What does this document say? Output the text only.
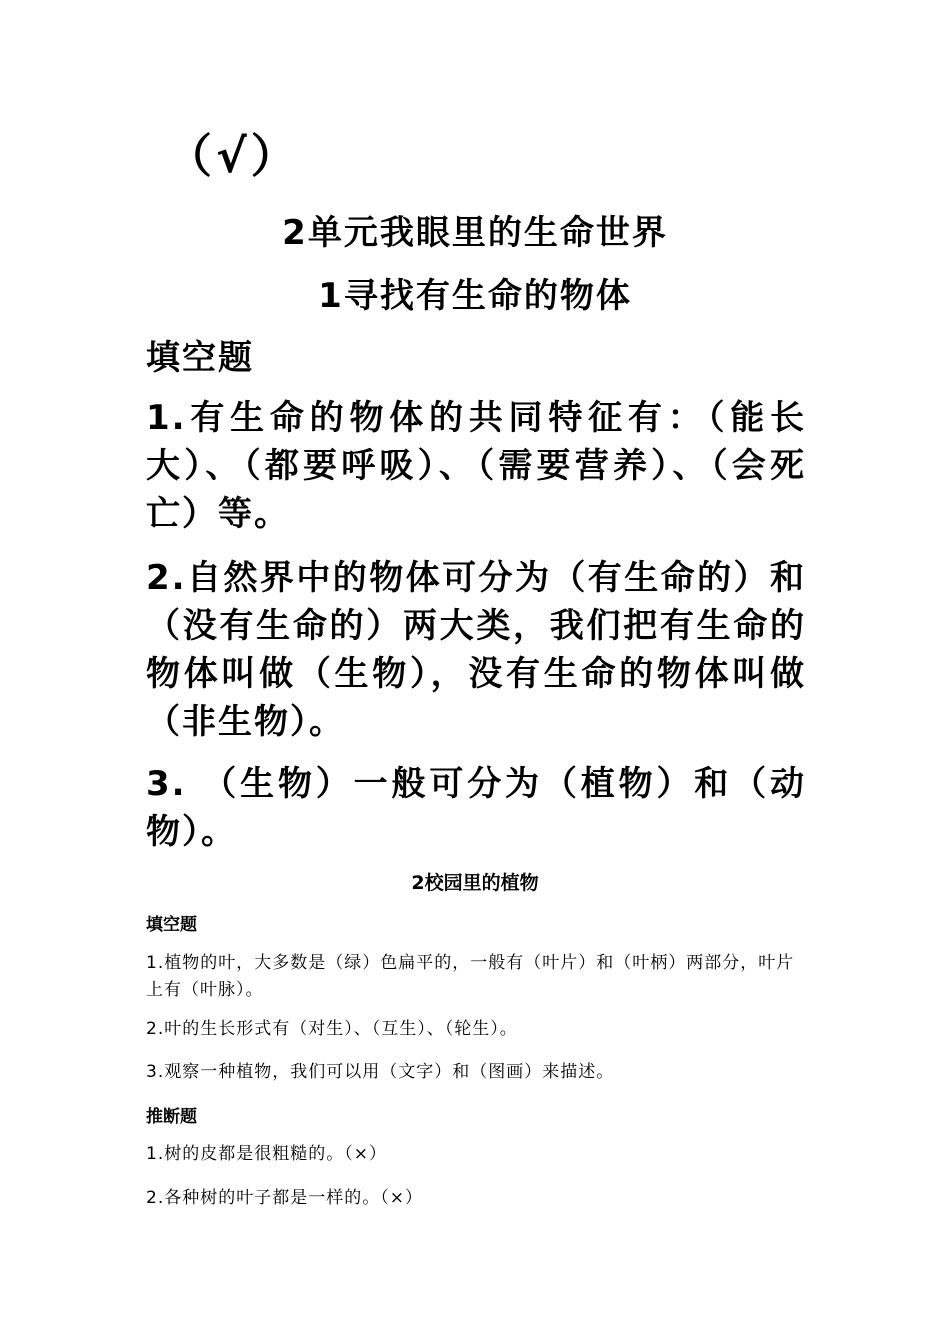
（√）
2单元我眼里的生命世界
1寻找有生命的物体
填空题
1.有生命的物体的共同特征有：（能长大）、（都要呼吸）、（需要营养）、（会死亡）等。
2.自然界中的物体可分为（有生命的）和（没有生命的）两大类，我们把有生命的物体叫做（生物），没有生命的物体叫做（非生物）。
3. （生物）一般可分为（植物）和（动物）。
2校园里的植物
填空题
1.植物的叶，大多数是（绿）色扁平的，一般有（叶片）和（叶柄）两部分，叶片上有（叶脉）。
2.叶的生长形式有（对生）、（互生）、（轮生）。
3.观察一种植物，我们可以用（文字）和（图画）来描述。
推断题
1.树的皮都是很粗糙的。（×）
2.各种树的叶子都是一样的。（×）
